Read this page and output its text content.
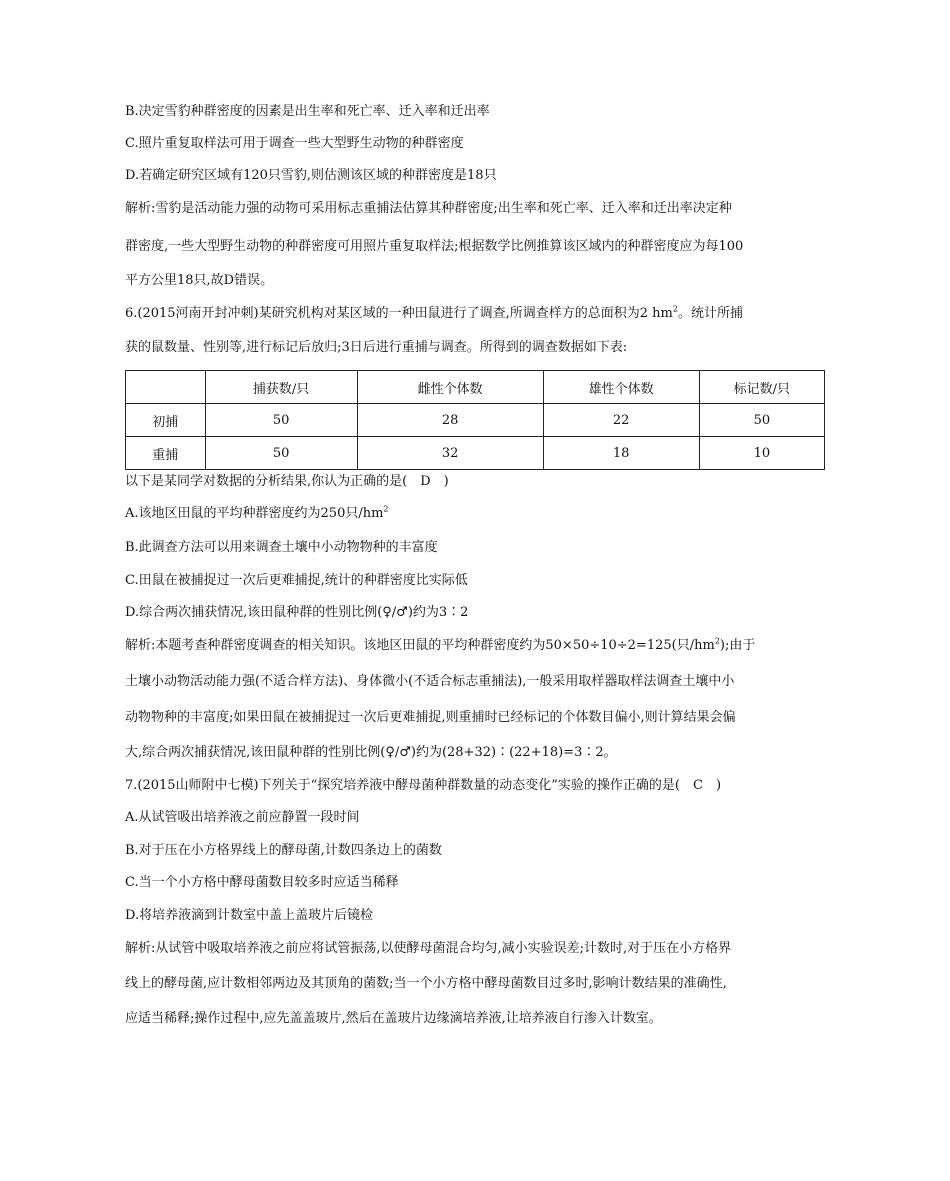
B.决定雪豹种群密度的因素是出生率和死亡率、迁入率和迁出率
C.照片重复取样法可用于调查一些大型野生动物的种群密度
D.若确定研究区域有120只雪豹,则估测该区域的种群密度是18只
解析:雪豹是活动能力强的动物可采用标志重捕法估算其种群密度;出生率和死亡率、迁入率和迁出率决定种
群密度,一些大型野生动物的种群密度可用照片重复取样法;根据数学比例推算该区域内的种群密度应为每100
平方公里18只,故D错误。
6.(2015河南开封冲刺)某研究机构对某区域的一种田鼠进行了调查,所调查样方的总面积为2 $hm^2$。统计所捕
获的鼠数量、性别等,进行标记后放归;3日后进行重捕与调查。所得到的调查数据如下表:
	捕获数/只	雌性个体数	雄性个体数	标记数/只
初捕	50	28	22	50
重捕	50	32	18	10
以下是某同学对数据的分析结果,你认为正确的是(　D　)
A.该地区田鼠的平均种群密度约为250只$/hm^2$
B.此调查方法可以用来调查土壤中小动物物种的丰富度
C.田鼠在被捕捉过一次后更难捕捉,统计的种群密度比实际低
D.综合两次捕获情况,该田鼠种群的性别比例(♀/♂)约为3∶2
解析:本题考查种群密度调查的相关知识。该地区田鼠的平均种群密度约为50×50÷10÷2=125(只$/hm^2$);由于
土壤小动物活动能力强(不适合样方法)、身体微小(不适合标志重捕法),一般采用取样器取样法调查土壤中小
动物物种的丰富度;如果田鼠在被捕捉过一次后更难捕捉,则重捕时已经标记的个体数目偏小,则计算结果会偏
大,综合两次捕获情况,该田鼠种群的性别比例(♀/♂)约为(28+32)∶(22+18)=3∶2。
7.(2015山师附中七模)下列关于“探究培养液中酵母菌种群数量的动态变化”实验的操作正确的是(　C　)
A.从试管吸出培养液之前应静置一段时间
B.对于压在小方格界线上的酵母菌,计数四条边上的菌数
C.当一个小方格中酵母菌数目较多时应适当稀释
D.将培养液滴到计数室中盖上盖玻片后镜检
解析:从试管中吸取培养液之前应将试管振荡,以使酵母菌混合均匀,减小实验误差;计数时,对于压在小方格界
线上的酵母菌,应计数相邻两边及其顶角的菌数;当一个小方格中酵母菌数目过多时,影响计数结果的准确性,
应适当稀释;操作过程中,应先盖盖玻片,然后在盖玻片边缘滴培养液,让培养液自行渗入计数室。
